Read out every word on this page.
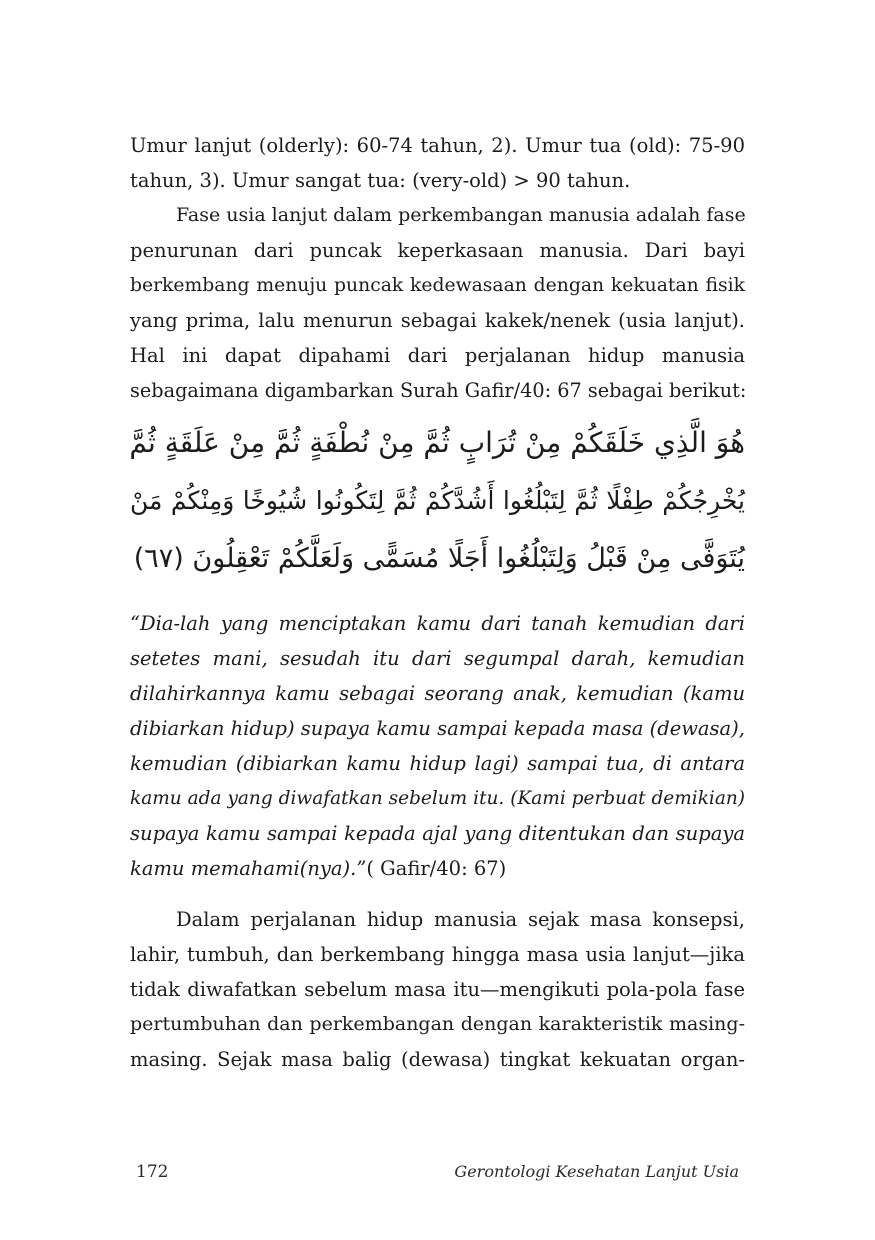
Umur lanjut (olderly): 60-74 tahun, 2). Umur tua (old): 75-90
tahun, 3). Umur sangat tua: (very-old) > 90 tahun.

Fase usia lanjut dalam perkembangan manusia adalah fase
penurunan dari puncak keperkasaan manusia. Dari bayi
berkembang menuju puncak kedewasaan dengan kekuatan fisik
yang prima, lalu menurun sebagai kakek/nenek (usia lanjut).
Hal ini dapat dipahami dari perjalanan hidup manusia
sebagaimana digambarkan Surah Gafir/40: 67 sebagai berikut:

هُوَ الَّذِي خَلَقَكُمْ مِنْ تُرَابٍ ثُمَّ مِنْ نُطْفَةٍ ثُمَّ مِنْ عَلَقَةٍ ثُمَّ
يُخْرِجُكُمْ طِفْلًا ثُمَّ لِتَبْلُغُوا أَشُدَّكُمْ ثُمَّ لِتَكُونُوا شُيُوخًا وَمِنْكُمْ مَنْ
يُتَوَفَّى مِنْ قَبْلُ وَلِتَبْلُغُوا أَجَلًا مُسَمًّى وَلَعَلَّكُمْ تَعْقِلُونَ (٦٧)

“Dia-lah yang menciptakan kamu dari tanah kemudian dari
setetes mani, sesudah itu dari segumpal darah, kemudian
dilahirkannya kamu sebagai seorang anak, kemudian (kamu
dibiarkan hidup) supaya kamu sampai kepada masa (dewasa),
kemudian (dibiarkan kamu hidup lagi) sampai tua, di antara
kamu ada yang diwafatkan sebelum itu. (Kami perbuat demikian)
supaya kamu sampai kepada ajal yang ditentukan dan supaya
kamu memahami(nya).”( Gafir/40: 67)

Dalam perjalanan hidup manusia sejak masa konsepsi,
lahir, tumbuh, dan berkembang hingga masa usia lanjut—jika
tidak diwafatkan sebelum masa itu—mengikuti pola-pola fase
pertumbuhan dan perkembangan dengan karakteristik masing-
masing. Sejak masa balig (dewasa) tingkat kekuatan organ-

172	Gerontologi Kesehatan Lanjut Usia
